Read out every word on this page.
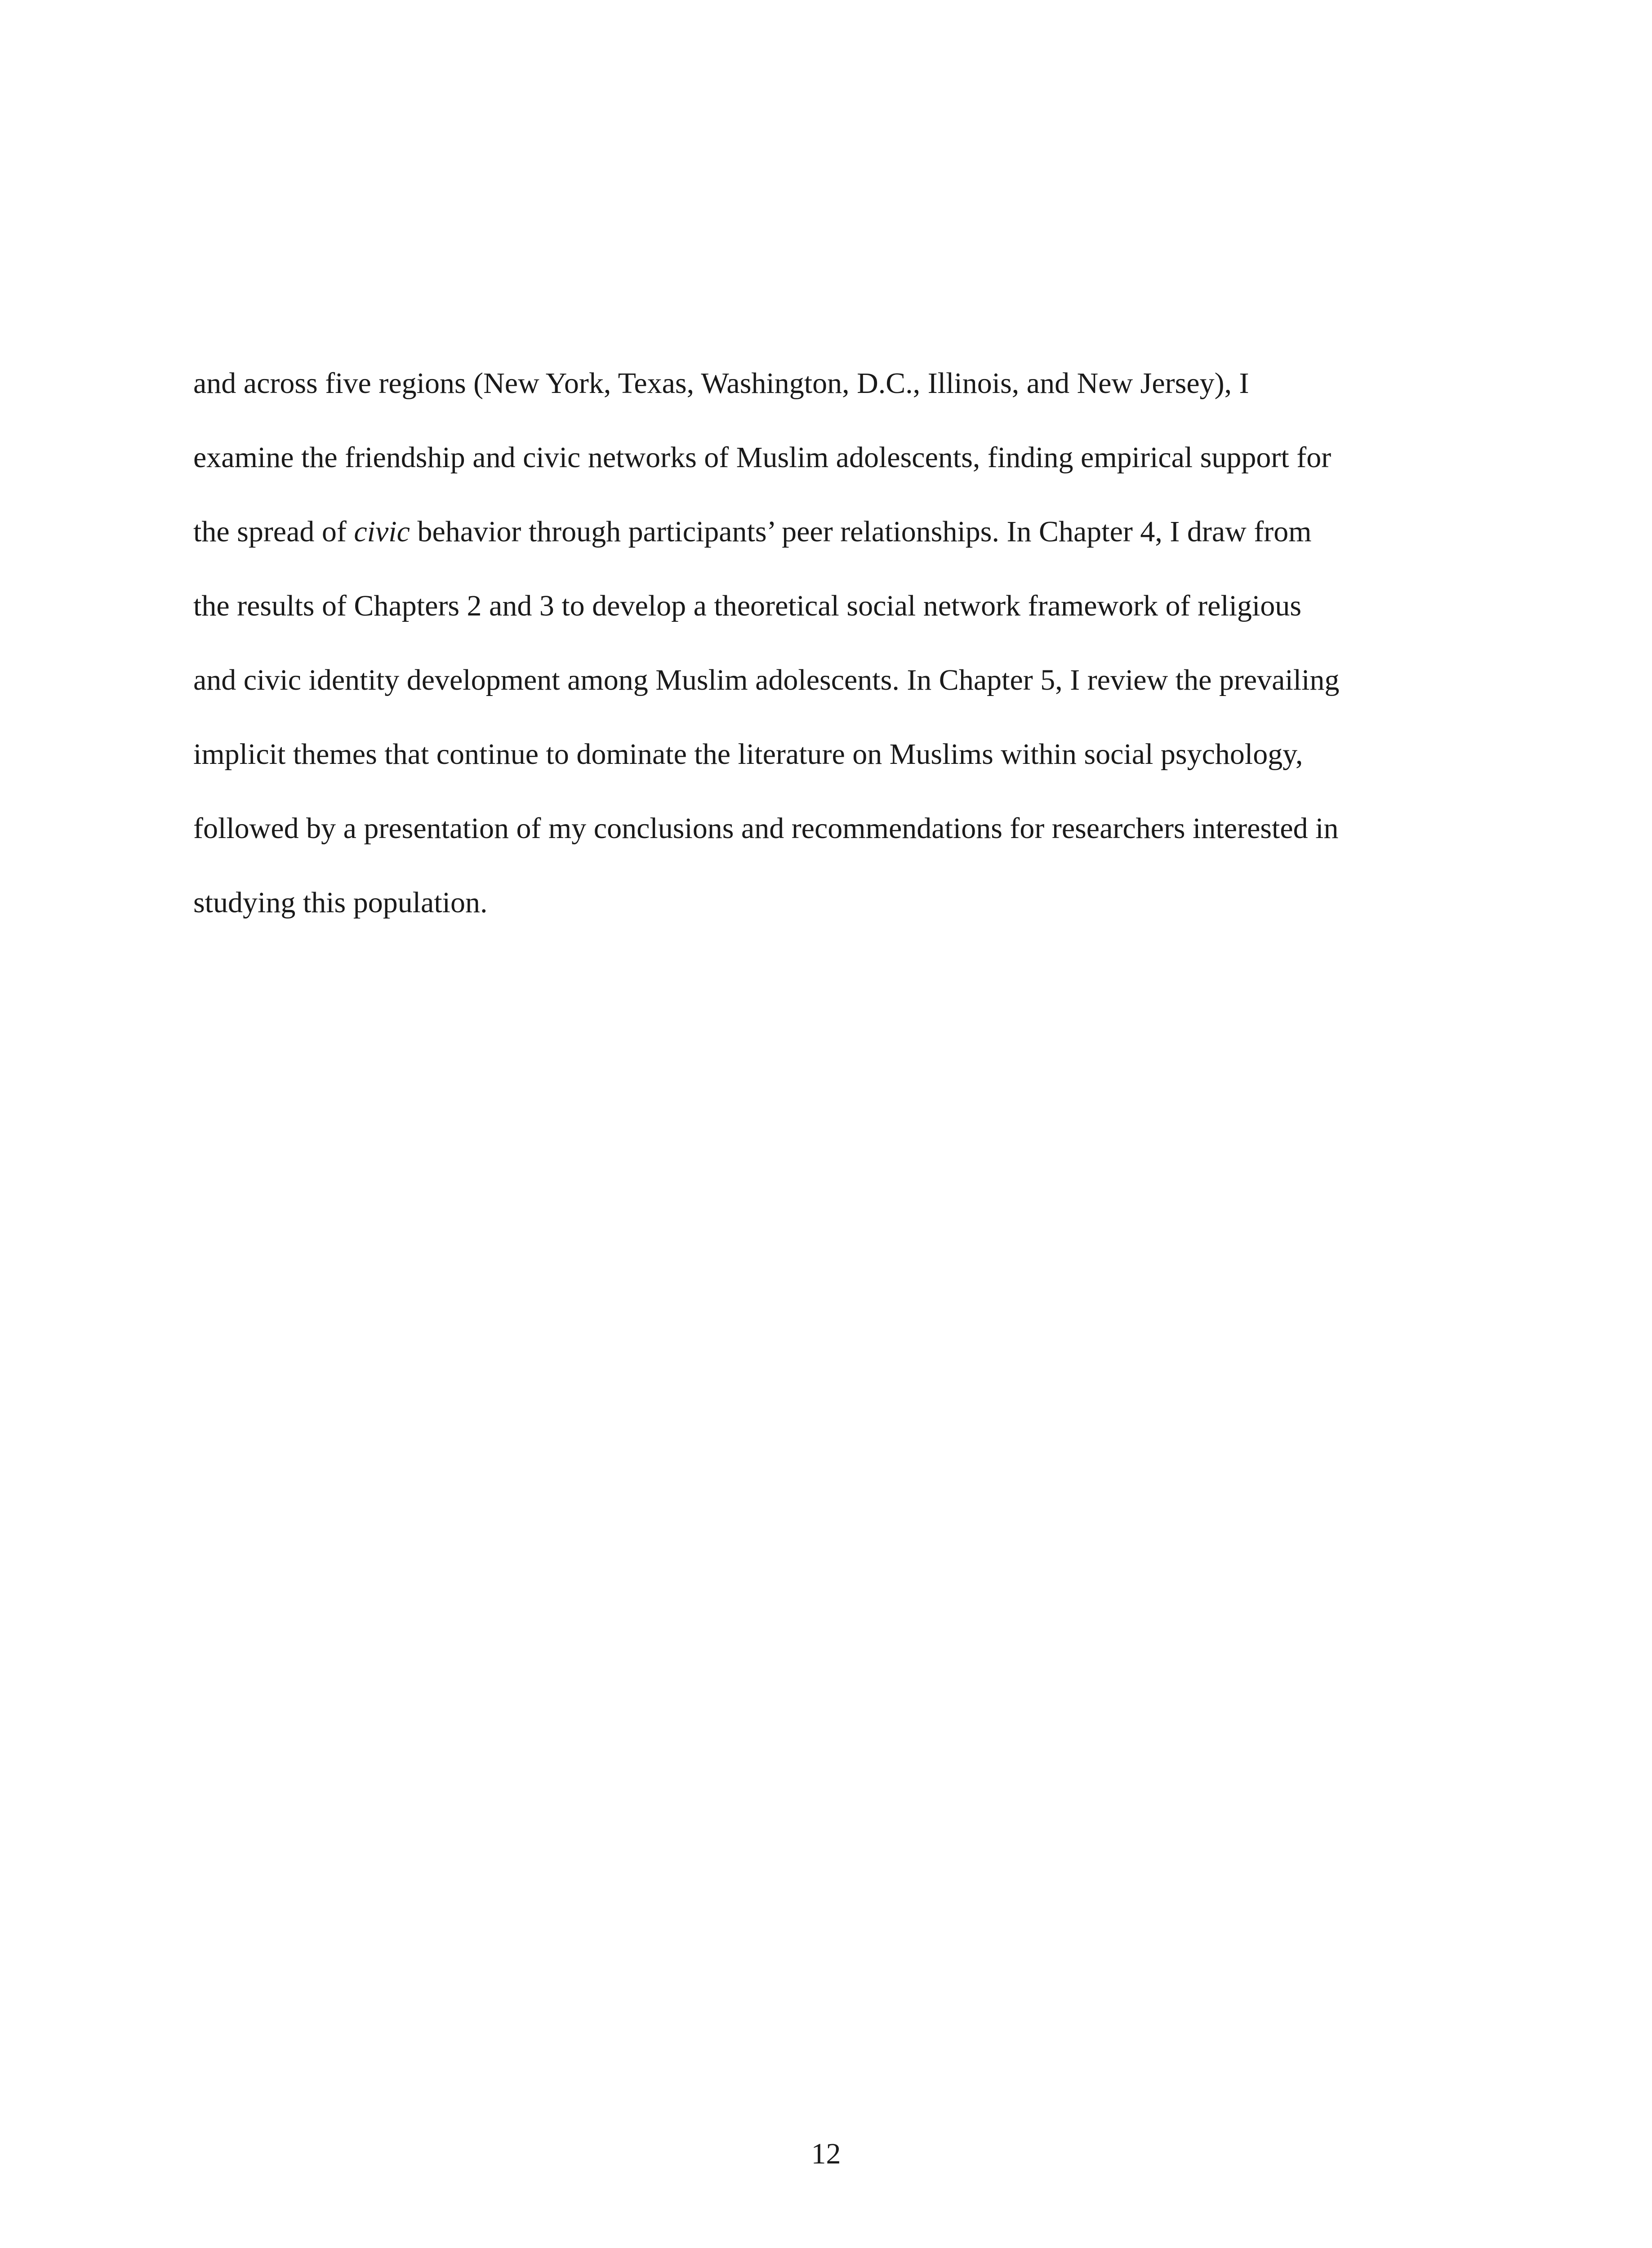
and across five regions (New York, Texas, Washington, D.C., Illinois, and New Jersey), I
examine the friendship and civic networks of Muslim adolescents, finding empirical support for
the spread of civic behavior through participants’ peer relationships. In Chapter 4, I draw from
the results of Chapters 2 and 3 to develop a theoretical social network framework of religious
and civic identity development among Muslim adolescents. In Chapter 5, I review the prevailing
implicit themes that continue to dominate the literature on Muslims within social psychology,
followed by a presentation of my conclusions and recommendations for researchers interested in
studying this population.

12
